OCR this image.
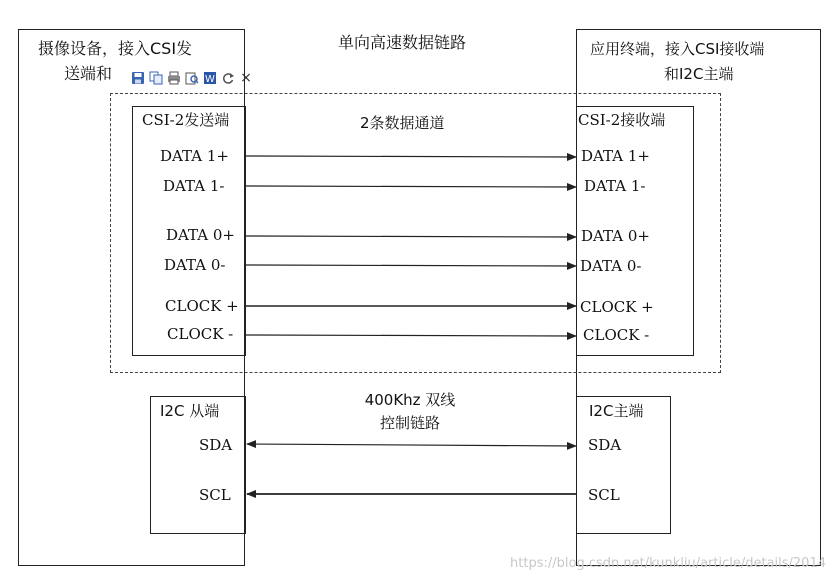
摄像设备，接入CSI发
送端和
应用终端，接入CSI接收端
和I2C主端
单向高速数据链路
W ×
CSI-2发送端	CSI-2接收端
2条数据通道
DATA 1+
DATA 1-
DATA 0+
DATA 0-
CLOCK +
CLOCK -
DATA 1+
DATA 1-
DATA 0+
DATA 0-
CLOCK +
CLOCK -
I2C 从端	I2C主端
400Khz 双线
控制链路
SDA
SCL
SDA
SCL
https://blog.csdn.net/kunkliu/article/details/2014
